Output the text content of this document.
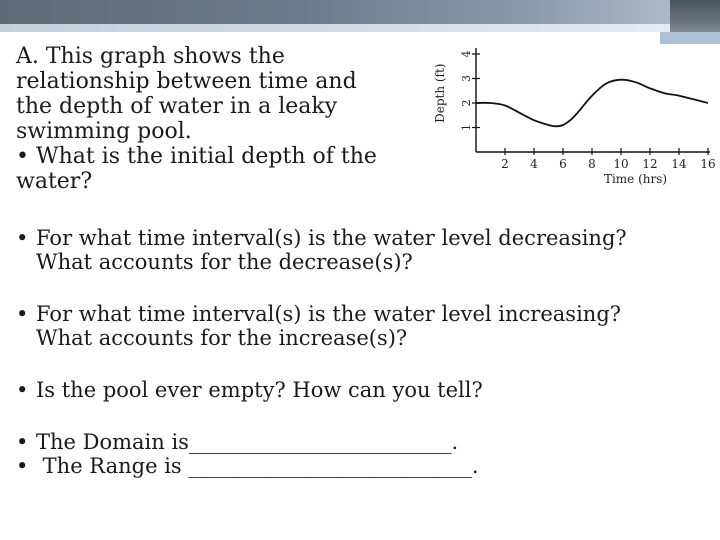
A. This graph shows the
relationship between time and
the depth of water in a leaky
swimming pool.
• What is the initial depth of the
water?
1
2
3
4
2 4 6 8 10 12 14 16
Time (hrs)
Depth (ft)
• For what time interval(s) is the water level decreasing?
What accounts for the decrease(s)?
• For what time interval(s) is the water level increasing?
What accounts for the increase(s)?
• Is the pool ever empty? How can you tell?
• The Domain is_________________________.
• The Range is ___________________________.
